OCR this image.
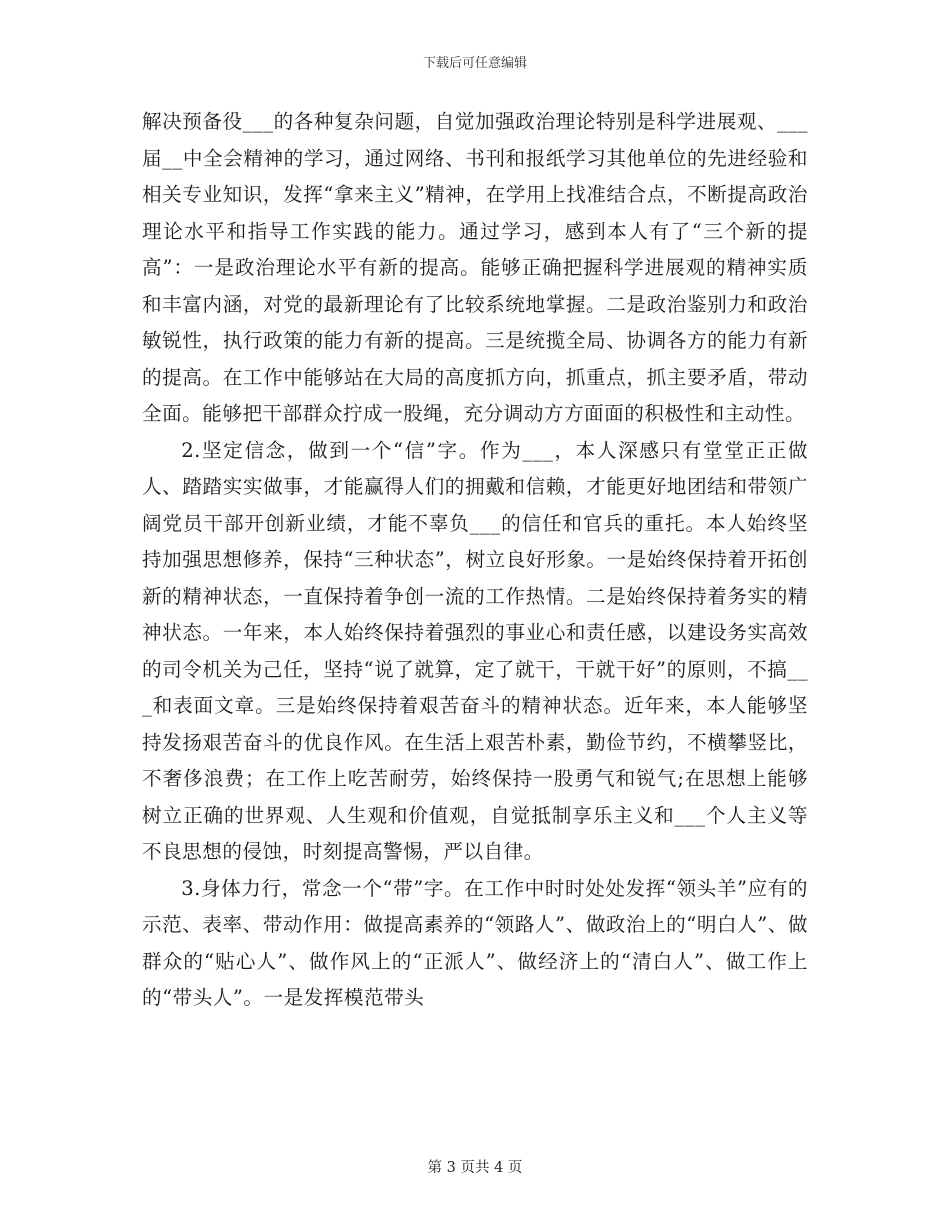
下载后可任意编辑

解决预备役___的各种复杂问题，自觉加强政治理论特别是科学进展观、___届__中全会精神的学习，通过网络、书刊和报纸学习其他单位的先进经验和相关专业知识，发挥“拿来主义”精神，在学用上找准结合点，不断提高政治理论水平和指导工作实践的能力。通过学习，感到本人有了“三个新的提高”：一是政治理论水平有新的提高。能够正确把握科学进展观的精神实质和丰富内涵，对党的最新理论有了比较系统地掌握。二是政治鉴别力和政治敏锐性，执行政策的能力有新的提高。三是统揽全局、协调各方的能力有新的提高。在工作中能够站在大局的高度抓方向，抓重点，抓主要矛盾，带动全面。能够把干部群众拧成一股绳，充分调动方方面面的积极性和主动性。

2.坚定信念，做到一个“信”字。作为___，本人深感只有堂堂正正做人、踏踏实实做事，才能赢得人们的拥戴和信赖，才能更好地团结和带领广阔党员干部开创新业绩，才能不辜负___的信任和官兵的重托。本人始终坚持加强思想修养，保持“三种状态”，树立良好形象。一是始终保持着开拓创新的精神状态，一直保持着争创一流的工作热情。二是始终保持着务实的精神状态。一年来，本人始终保持着强烈的事业心和责任感，以建设务实高效的司令机关为己任，坚持“说了就算，定了就干，干就干好”的原则，不搞___和表面文章。三是始终保持着艰苦奋斗的精神状态。近年来，本人能够坚持发扬艰苦奋斗的优良作风。在生活上艰苦朴素，勤俭节约，不横攀竖比，不奢侈浪费；在工作上吃苦耐劳，始终保持一股勇气和锐气;在思想上能够树立正确的世界观、人生观和价值观，自觉抵制享乐主义和___个人主义等不良思想的侵蚀，时刻提高警惕，严以自律。

3.身体力行，常念一个“带”字。在工作中时时处处发挥“领头羊”应有的示范、表率、带动作用：做提高素养的“领路人”、做政治上的“明白人”、做群众的“贴心人”、做作风上的“正派人”、做经济上的“清白人”、做工作上的“带头人”。一是发挥模范带头

第 3 页共 4 页
